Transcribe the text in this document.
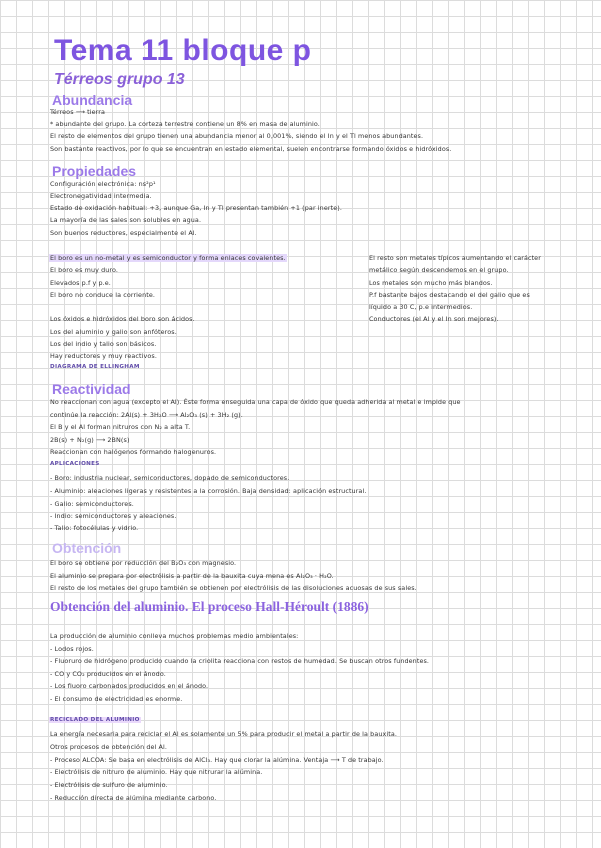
Tema 11 bloque p
Térreos grupo 13
Abundancia
Térreos ⟶ tierra
* abundante del grupo. La corteza terrestre contiene un 8% en masa de aluminio.
El resto de elementos del grupo tienen una abundancia menor al 0,001%, siendo el In y el Tl menos abundantes.
Son bastante reactivos, por lo que se encuentran en estado elemental, suelen encontrarse formando óxidos e hidróxidos.
Propiedades
Configuración electrónica: ns²p¹
Electronegatividad intermedia.
Estado de oxidación habitual: +3, aunque Ga, In y Tl presentan también +1 (par inerte).
La mayoría de las sales son solubles en agua.
Son buenos reductores, especialmente el Al.
El boro es un no-metal y es semiconductor y forma enlaces covalentes.
El boro es muy duro.
Elevados p.f y p.e.
El boro no conduce la corriente.
El resto son metales típicos aumentando el carácter
metálico según descendemos en el grupo.
Los metales son mucho más blandos.
P.f bastante bajos destacando el del galio que es
líquido a 30 C, p.e intermedios.
Conductores (el Al y el In son mejores).
Los óxidos e hidróxidos del boro son ácidos.
Los del aluminio y galio son anfóteros.
Los del indio y talio son básicos.
Hay reductores y muy reactivos.
DIAGRAMA DE ELLINGHAM
Reactividad
No reaccionan con agua (excepto el Al). Éste forma enseguida una capa de óxido que queda adherida al metal e impide que
continúe la reacción: 2Al(s) + 3H₂O ⟶ Al₂O₃ (s) + 3H₂ (g).
El B y el Al forman nitruros con N₂ a alta T.
2B(s) + N₂(g) ⟶ 2BN(s)
Reaccionan con halógenos formando halogenuros.
APLICACIONES
- Boro: industria nuclear, semiconductores, dopado de semiconductores.
- Aluminio: aleaciones ligeras y resistentes a la corrosión. Baja densidad: aplicación estructural.
- Galio: semiconductores.
- Indio: semiconductores y aleaciones.
- Talio: fotocélulas y vidrio.
Obtención
El boro se obtiene por reducción del B₂O₃ con magnesio.
El aluminio se prepara por electrólisis a partir de la bauxita cuya mena es Al₂O₃ · H₂O.
El resto de los metales del grupo también se obtienen por electrólisis de las disoluciones acuosas de sus sales.
Obtención del aluminio. El proceso Hall-Héroult (1886)
La producción de aluminio conlleva muchos problemas medio ambientales:
- Lodos rojos.
- Fluoruro de hidrógeno producido cuando la criolita reacciona con restos de humedad. Se buscan otros fundentes.
- CO y CO₂ producidos en el ánodo.
- Los fluoro carbonados producidos en el ánodo.
- El consumo de electricidad es enorme.
RECICLADO DEL ALUMINIO
La energía necesaria para reciclar el Al es solamente un 5% para producir el metal a partir de la bauxita.
Otros procesos de obtención del Al.
- Proceso ALCOA: Se basa en electrólisis de AlCl₃. Hay que clorar la alúmina. Ventaja ⟶ T de trabajo.
- Electrólisis de nitruro de aluminio. Hay que nitrurar la alúmina.
- Electrólisis de sulfuro de aluminio.
- Reducción directa de alúmina mediante carbono.
